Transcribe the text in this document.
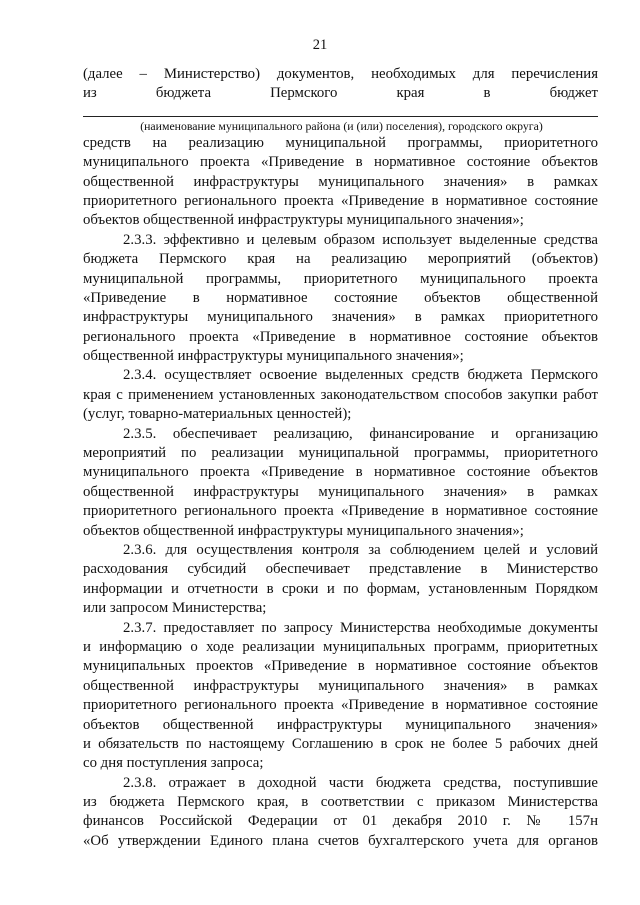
21
(далее – Министерство) документов, необходимых для перечисления
из бюджета Пермского края в бюджет
(наименование муниципального района (и (или) поселения), городского округа)
средств на реализацию муниципальной программы, приоритетного
муниципального проекта «Приведение в нормативное состояние объектов
общественной инфраструктуры муниципального значения» в рамках
приоритетного регионального проекта «Приведение в нормативное состояние
объектов общественной инфраструктуры муниципального значения»;
2.3.3. эффективно и целевым образом использует выделенные средства
бюджета Пермского края на реализацию мероприятий (объектов)
муниципальной программы, приоритетного муниципального проекта
«Приведение в нормативное состояние объектов общественной
инфраструктуры муниципального значения» в рамках приоритетного
регионального проекта «Приведение в нормативное состояние объектов
общественной инфраструктуры муниципального значения»;
2.3.4. осуществляет освоение выделенных средств бюджета Пермского
края с применением установленных законодательством способов закупки работ
(услуг, товарно-материальных ценностей);
2.3.5. обеспечивает реализацию, финансирование и организацию
мероприятий по реализации муниципальной программы, приоритетного
муниципального проекта «Приведение в нормативное состояние объектов
общественной инфраструктуры муниципального значения» в рамках
приоритетного регионального проекта «Приведение в нормативное состояние
объектов общественной инфраструктуры муниципального значения»;
2.3.6. для осуществления контроля за соблюдением целей и условий
расходования субсидий обеспечивает представление в Министерство
информации и отчетности в сроки и по формам, установленным Порядком
или запросом Министерства;
2.3.7. предоставляет по запросу Министерства необходимые документы
и информацию о ходе реализации муниципальных программ, приоритетных
муниципальных проектов «Приведение в нормативное состояние объектов
общественной инфраструктуры муниципального значения» в рамках
приоритетного регионального проекта «Приведение в нормативное состояние
объектов общественной инфраструктуры муниципального значения»
и обязательств по настоящему Соглашению в срок не более 5 рабочих дней
со дня поступления запроса;
2.3.8. отражает в доходной части бюджета средства, поступившие
из бюджета Пермского края, в соответствии с приказом Министерства
финансов Российской Федерации от 01 декабря 2010 г. № 157н
«Об утверждении Единого плана счетов бухгалтерского учета для органов
